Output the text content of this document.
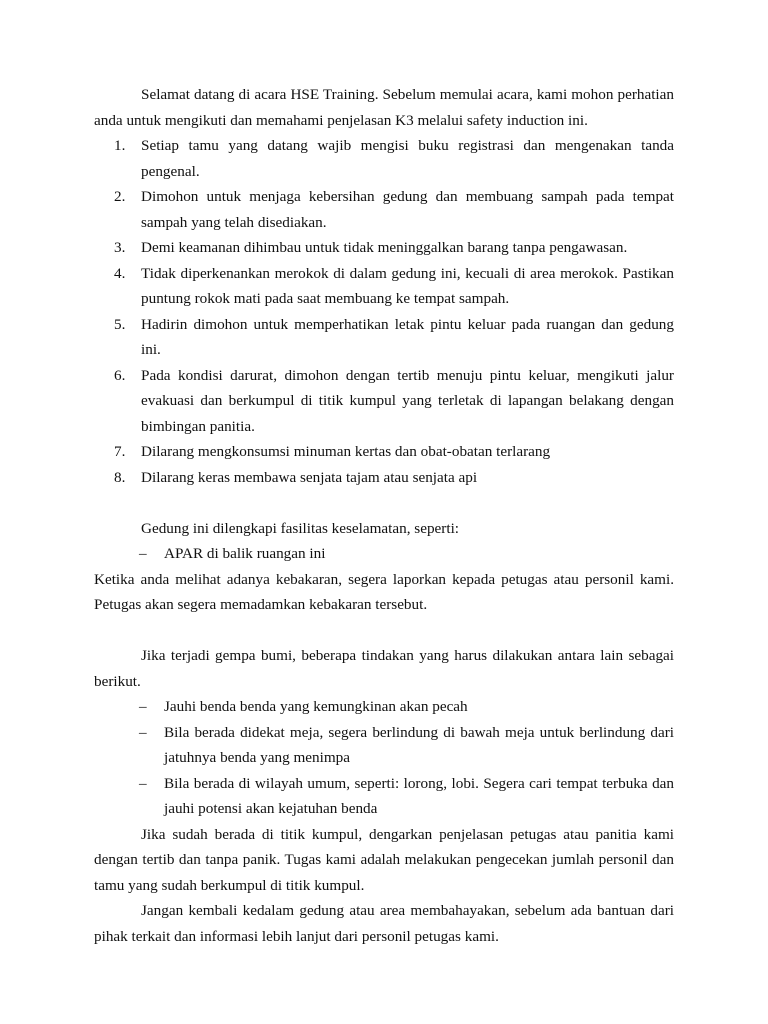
Selamat datang di acara HSE Training. Sebelum memulai acara, kami mohon perhatian anda untuk mengikuti dan memahami penjelasan K3 melalui safety induction ini.

1. Setiap tamu yang datang wajib mengisi buku registrasi dan mengenakan tanda pengenal.
2. Dimohon untuk menjaga kebersihan gedung dan membuang sampah pada tempat sampah yang telah disediakan.
3. Demi keamanan dihimbau untuk tidak meninggalkan barang tanpa pengawasan.
4. Tidak diperkenankan merokok di dalam gedung ini, kecuali di area merokok. Pastikan puntung rokok mati pada saat membuang ke tempat sampah.
5. Hadirin dimohon untuk memperhatikan letak pintu keluar pada ruangan dan gedung ini.
6. Pada kondisi darurat, dimohon dengan tertib menuju pintu keluar, mengikuti jalur evakuasi dan berkumpul di titik kumpul yang terletak di lapangan belakang dengan bimbingan panitia.
7. Dilarang mengkonsumsi minuman kertas dan obat-obatan terlarang
8. Dilarang keras membawa senjata tajam atau senjata api

Gedung ini dilengkapi fasilitas keselamatan, seperti:

– APAR di balik ruangan ini

Ketika anda melihat adanya kebakaran, segera laporkan kepada petugas atau personil kami. Petugas akan segera memadamkan kebakaran tersebut.

Jika terjadi gempa bumi, beberapa tindakan yang harus dilakukan antara lain sebagai berikut.

– Jauhi benda benda yang kemungkinan akan pecah
– Bila berada didekat meja, segera berlindung di bawah meja untuk berlindung dari jatuhnya benda yang menimpa
– Bila berada di wilayah umum, seperti: lorong, lobi. Segera cari tempat terbuka dan jauhi potensi akan kejatuhan benda

Jika sudah berada di titik kumpul, dengarkan penjelasan petugas atau panitia kami dengan tertib dan tanpa panik. Tugas kami adalah melakukan pengecekan jumlah personil dan tamu yang sudah berkumpul di titik kumpul.

Jangan kembali kedalam gedung atau area membahayakan, sebelum ada bantuan dari pihak terkait dan informasi lebih lanjut dari personil petugas kami.
